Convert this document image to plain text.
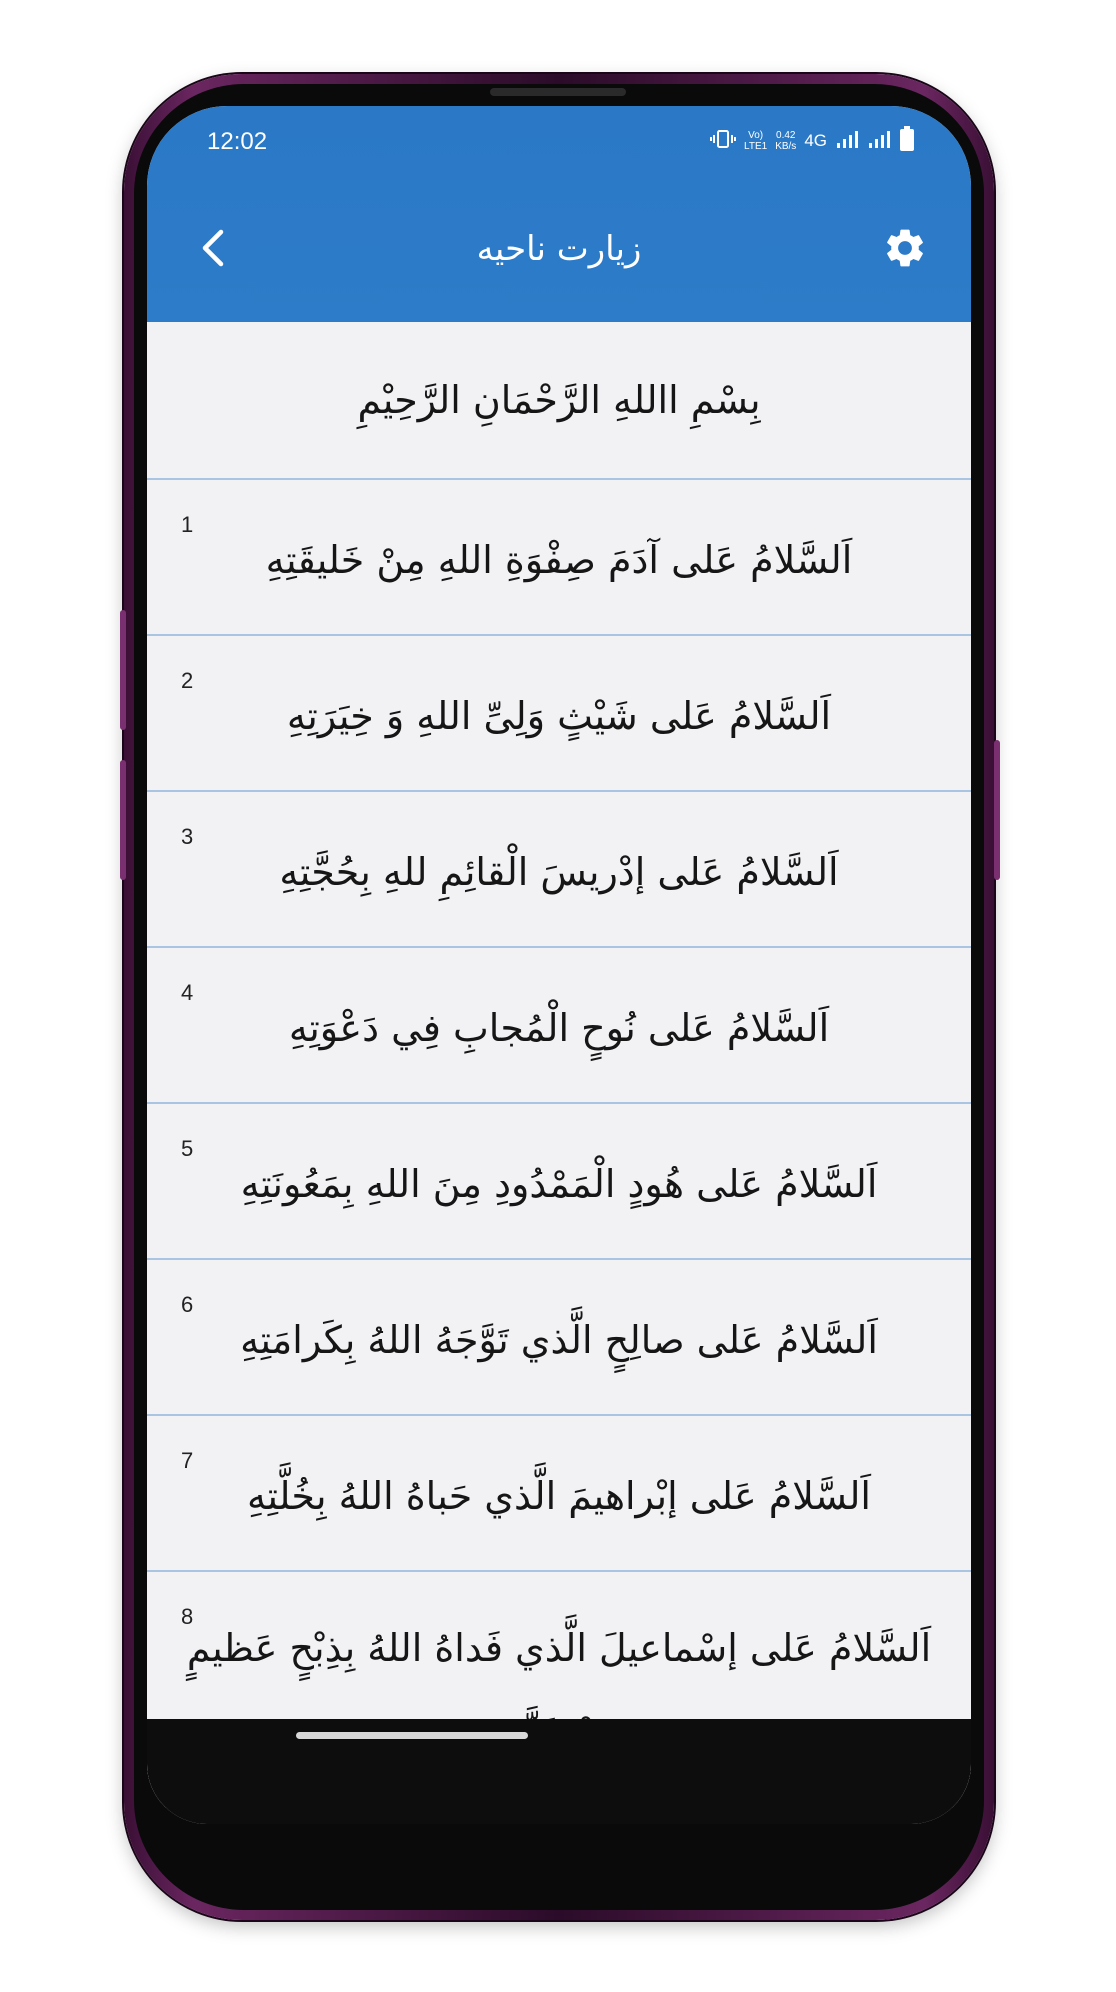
12:02	Vo)
LTE1
0.42
KB/s 4G
زیارت ناحیه
بِسْمِ االلهِ الرَّحْمَانِ الرَّحِیْمِ
1
اَلسَّلامُ عَلی آدَمَ صِفْوَةِ اللهِ مِنْ خَلیقَتِهِ
2
اَلسَّلامُ عَلی شَیْثٍ وَلِیِّ اللهِ وَ خِیَرَتِهِ
3
اَلسَّلامُ عَلی إدْریسَ الْقائِمِ للهِ بِحُجَّتِهِ
4
اَلسَّلامُ عَلی نُوحٍ الْمُجابِ فِي دَعْوَتِهِ
5
اَلسَّلامُ عَلی هُودٍ الْمَمْدُودِ مِنَ اللهِ بِمَعُونَتِهِ
6
اَلسَّلامُ عَلی صالِحٍ الَّذي تَوَّجَهُ اللهُ بِكَرامَتِهِ
7
اَلسَّلامُ عَلی إبْراهیمَ الَّذي حَباهُ اللهُ بِخُلَّتِهِ
8
اَلسَّلامُ عَلی إسْماعیلَ الَّذي فَداهُ اللهُ بِذِبْحٍ عَظیمٍ
